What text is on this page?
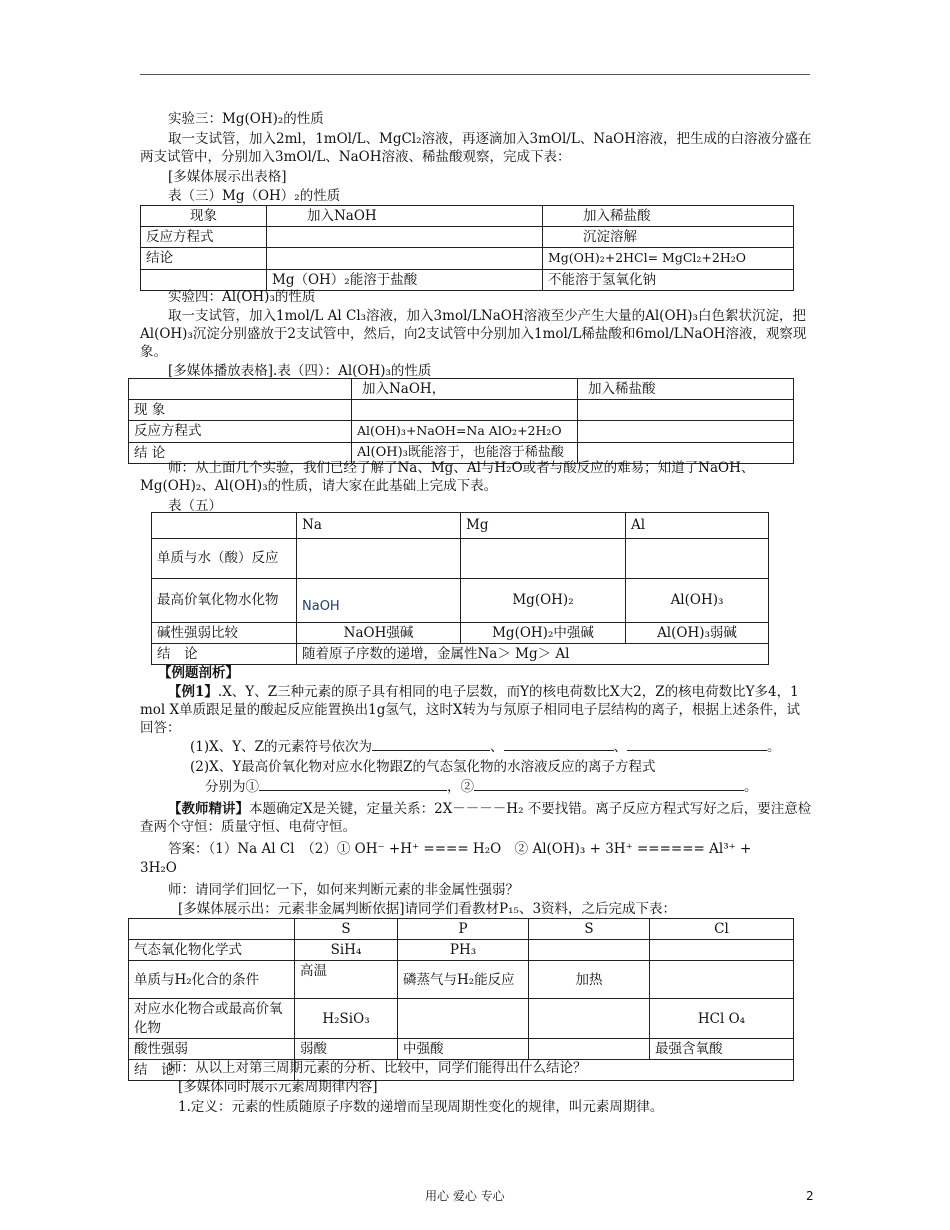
实验三：Mg(OH)₂的性质

取一支试管，加入2ml，1mOl/L、MgCl₂溶液，再逐滴加入3mOl/L、NaOH溶液，把生成的白溶液分盛在两支试管中，分别加入3mOl/L、NaOH溶液、稀盐酸观察，完成下表：

[多媒体展示出表格]

表（三）Mg（OH）₂的性质

现象	加入NaOH	加入稀盐酸
反应方程式		沉淀溶解
结论		Mg(OH)₂+2HCl= MgCl₂+2H₂O
	Mg（OH）₂能溶于盐酸	不能溶于氢氧化钠

实验四：Al(OH)₃的性质

取一支试管，加入1mol/L Al Cl₃溶液，加入3mol/LNaOH溶液至少产生大量的Al(OH)₃白色絮状沉淀，把Al(OH)₃沉淀分别盛放于2支试管中，然后，向2支试管中分别加入1mol/L稀盐酸和6mol/LNaOH溶液，观察现象。

[多媒体播放表格].表（四）：Al(OH)₃的性质

	加入NaOH，	加入稀盐酸
现 象		
反应方程式	Al(OH)₃+NaOH=Na AlO₂+2H₂O	
结 论	Al(OH)₃既能溶于，也能溶于稀盐酸	

师：从上面几个实验，我们已经了解了Na、Mg、Al与H₂O或者与酸反应的难易；知道了NaOH、Mg(OH)₂、Al(OH)₃的性质，请大家在此基础上完成下表。

表（五）

	Na	Mg	Al
单质与水（酸）反应			
最高价氧化物水化物	NaOH	Mg(OH)₂	Al(OH)₃
碱性强弱比较	NaOH强碱	Mg(OH)₂中强碱	Al(OH)₃弱碱
结　论	随着原子序数的递增，金属性Na＞ Mg＞ Al		

【例题剖析】

【例1】.X、Y、Z三种元素的原子具有相同的电子层数，而Y的核电荷数比X大2，Z的核电荷数比Y多4，1 mol X单质跟足量的酸起反应能置换出1g氢气，这时X转为与氖原子相同电子层结构的离子，根据上述条件，试回答：

(1)X、Y、Z的元素符号依次为	、	、	。

(2)X、Y最高价氧化物对应水化物跟Z的气态氢化物的水溶液反应的离子方程式

分别为①	，②	。

【教师精讲】本题确定X是关键，定量关系：2X－－－－H₂ 不要找错。离子反应方程式写好之后，要注意检查两个守恒：质量守恒、电荷守恒。

答案：（1）Na Al Cl　（2）① OH⁻ +H⁺ ==== H₂O　② Al(OH)₃ + 3H⁺ ====== Al³⁺ +

3H₂O

师：请同学们回忆一下，如何来判断元素的非金属性强弱？

[多媒体展示出：元素非金属判断依据]请同学们看教材P₁₅、3资料，之后完成下表：

	S	P	S	Cl
气态氧化物化学式	SiH₄	PH₃		
单质与H₂化合的条件	高温	磷蒸气与H₂能反应	加热	
对应水化物合或最高价氧化物	H₂SiO₃			HCl O₄
酸性强弱	弱酸	中强酸		最强含氧酸
结　论				

师：从以上对第三周期元素的分析、比较中，同学们能得出什么结论？

[多媒体同时展示元素周期律内容]

1.定义：元素的性质随原子序数的递增而呈现周期性变化的规律，叫元素周期律。

用心 爱心 专心	2
